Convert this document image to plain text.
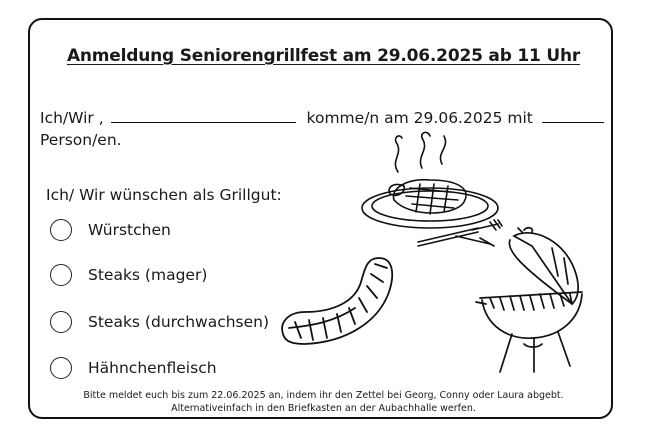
Anmeldung Seniorengrillfest am 29.06.2025 ab 11 Uhr
Ich/Wir ,	komme/n am 29.06.2025 mit
Person/en.
Ich/ Wir wünschen als Grillgut:
Würstchen
Steaks (mager)
Steaks (durchwachsen)
Hähnchenfleisch
Bitte meldet euch bis zum 22.06.2025 an, indem ihr den Zettel bei Georg, Conny oder Laura abgebt.
Alternativeinfach in den Briefkasten an der Aubachhalle werfen.
